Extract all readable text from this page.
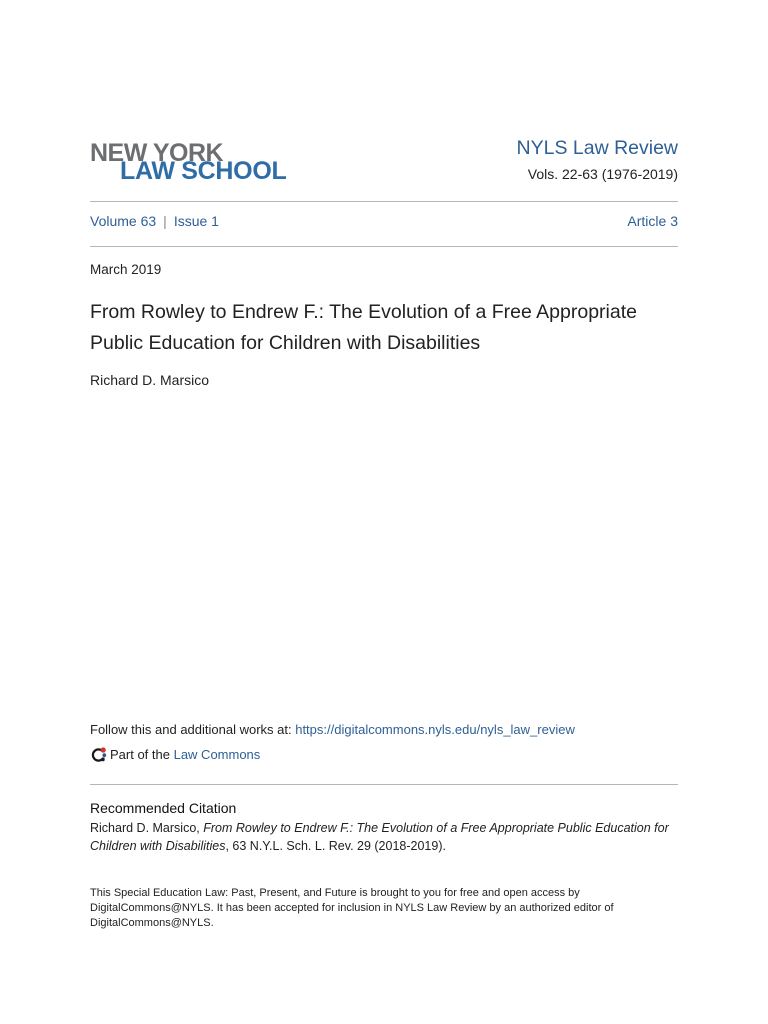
NEW YORK
LAW SCHOOL
NYLS Law Review
Vols. 22-63 (1976-2019)
Volume 63 | Issue 1	Article 3
March 2019
From Rowley to Endrew F.: The Evolution of a Free Appropriate Public Education for Children with Disabilities
Richard D. Marsico
Follow this and additional works at: https://digitalcommons.nyls.edu/nyls_law_review
Part of the Law Commons
Recommended Citation
Richard D. Marsico, From Rowley to Endrew F.: The Evolution of a Free Appropriate Public Education for Children with Disabilities, 63 N.Y.L. Sch. L. Rev. 29 (2018-2019).
This Special Education Law: Past, Present, and Future is brought to you for free and open access by DigitalCommons@NYLS. It has been accepted for inclusion in NYLS Law Review by an authorized editor of DigitalCommons@NYLS.
